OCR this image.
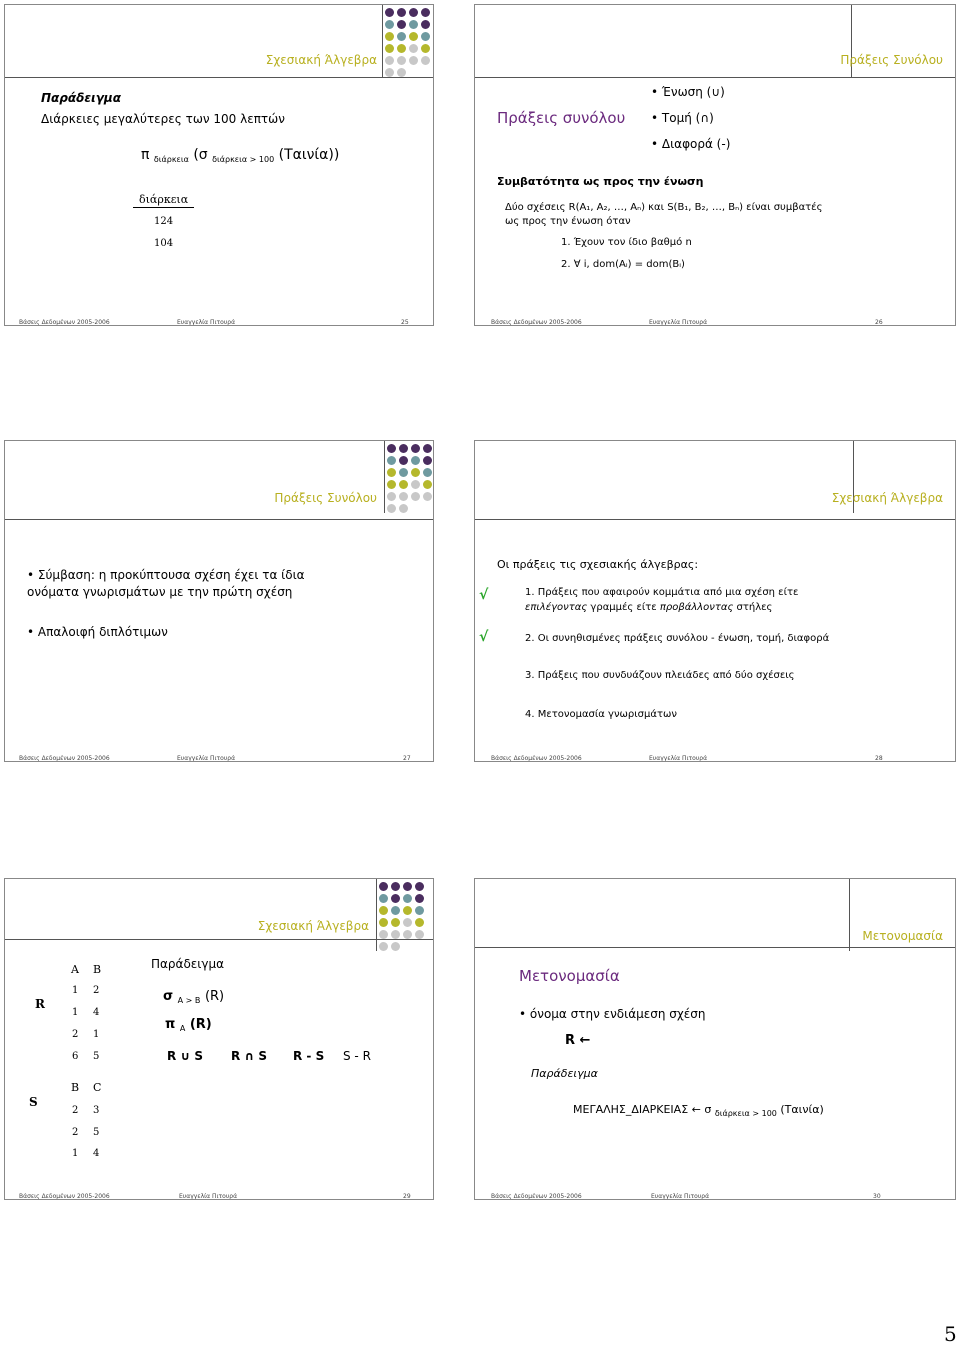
Σχεσιακή Άλγεβρα
Παράδειγμα
Διάρκειες μεγαλύτερες των 100 λεπτών
π $_{\delta\iota ά\rho\kappa\varepsilon\iota\alpha}$ (σ $_{\delta\iota ά\rho\kappa\varepsilon\iota\alpha > 100}$ (Ταινία))
διάρκεια
124
104
Βάσεις Δεδομένων 2005-2006	Ευαγγελία Πιτουρά	25
Πράξεις Συνόλου
Πράξεις συνόλου
• Ένωση (∪)
• Τομή (∩)
• Διαφορά (-)
Συμβατότητα ως προς την ένωση
Δύο σχέσεις R(A₁, A₂, …, Aₙ) και S(B₁, B₂, …, Bₙ) είναι συμβατές
ως προς την ένωση όταν
1. Έχουν τον ίδιο βαθμό n
2. ∀ i, dom(Aᵢ) = dom(Bᵢ)
Βάσεις Δεδομένων 2005-2006	Ευαγγελία Πιτουρά	26
Πράξεις Συνόλου
• Σύμβαση: η προκύπτουσα σχέση έχει τα ίδια
ονόματα γνωρισμάτων με την πρώτη σχέση
• Απαλοιφή διπλότιμων
Βάσεις Δεδομένων 2005-2006	Ευαγγελία Πιτουρά	27
Σχεσιακή Άλγεβρα
Οι πράξεις τις σχεσιακής άλγεβρας:
√	1. Πράξεις που αφαιρούν κομμάτια από μια σχέση είτε
επιλέγοντας γραμμές είτε προβάλλοντας στήλες
√	2. Οι συνηθισμένες πράξεις συνόλου - ένωση, τομή, διαφορά
3. Πράξεις που συνδυάζουν πλειάδες από δύο σχέσεις
4. Μετονομασία γνωρισμάτων
Βάσεις Δεδομένων 2005-2006	Ευαγγελία Πιτουρά	28
Σχεσιακή Άλγεβρα
R
S
A B
1 2
1 4
2 1
6 5
B C
2 3
2 5
1 4
Παράδειγμα
σ $_{A > B}$ (R)
π $_A$ (R)
R ∪ S R ∩ S R - S S - R
Βάσεις Δεδομένων 2005-2006	Ευαγγελία Πιτουρά	29
Μετονομασία
Μετονομασία
• όνομα στην ενδιάμεση σχέση
R ←
Παράδειγμα
ΜΕΓΑΛΗΣ_ΔΙΑΡΚΕΙΑΣ ← σ $_{\delta\iota ά\rho\kappa\varepsilon\iota\alpha > 100}$ (Ταινία)
Βάσεις Δεδομένων 2005-2006	Ευαγγελία Πιτουρά	30
5
